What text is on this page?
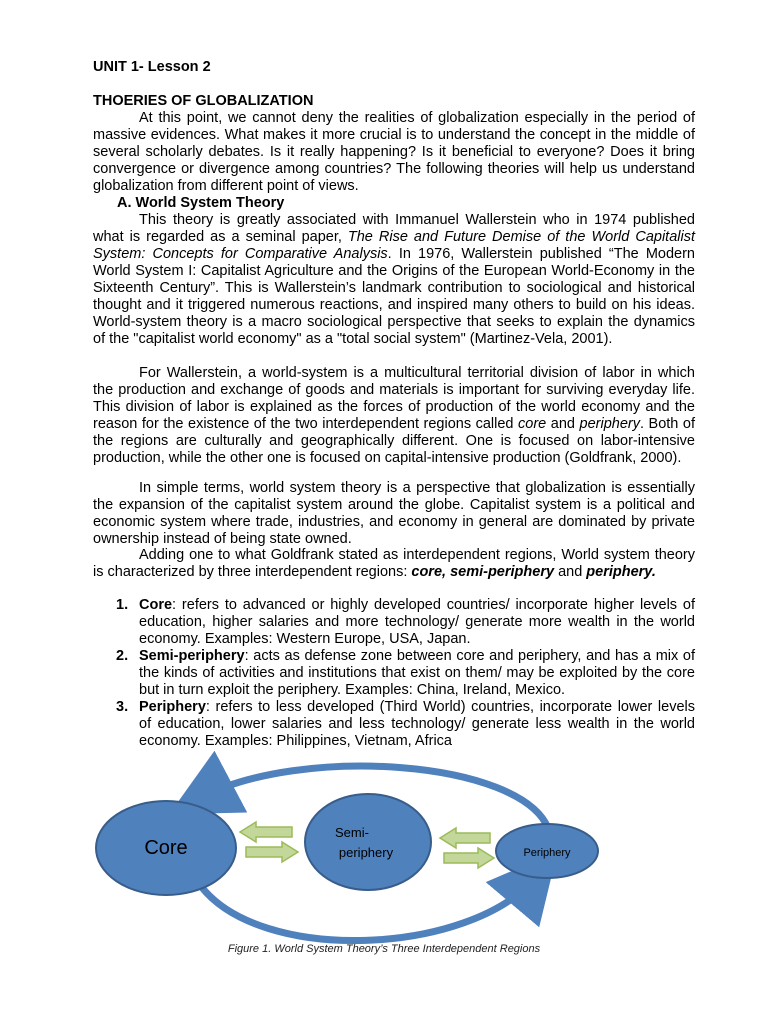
UNIT 1- Lesson 2
THOERIES OF GLOBALIZATION

At this point, we cannot deny the realities of globalization especially in the period of massive evidences. What makes it more crucial is to understand the concept in the middle of several scholarly debates. Is it really happening? Is it beneficial to everyone? Does it bring convergence or divergence among countries? The following theories will help us understand globalization from different point of views.

A. World System Theory

This theory is greatly associated with Immanuel Wallerstein who in 1974 published what is regarded as a seminal paper, The Rise and Future Demise of the World Capitalist System: Concepts for Comparative Analysis. In 1976, Wallerstein published “The Modern World System I: Capitalist Agriculture and the Origins of the European World-Economy in the Sixteenth Century”. This is Wallerstein’s landmark contribution to sociological and historical thought and it triggered numerous reactions, and inspired many others to build on his ideas. World-system theory is a macro sociological perspective that seeks to explain the dynamics of the "capitalist world economy" as a "total social system" (Martinez-Vela, 2001).

For Wallerstein, a world-system is a multicultural territorial division of labor in which the production and exchange of goods and materials is important for surviving everyday life. This division of labor is explained as the forces of production of the world economy and the reason for the existence of the two interdependent regions called core and periphery. Both of the regions are culturally and geographically different. One is focused on labor-intensive production, while the other one is focused on capital-intensive production (Goldfrank, 2000).

In simple terms, world system theory is a perspective that globalization is essentially the expansion of the capitalist system around the globe. Capitalist system is a political and economic system where trade, industries, and economy in general are dominated by private ownership instead of being state owned.

Adding one to what Goldfrank stated as interdependent regions, World system theory is characterized by three interdependent regions: core, semi-periphery and periphery.

1. Core: refers to advanced or highly developed countries/ incorporate higher levels of education, higher salaries and more technology/ generate more wealth in the world economy. Examples: Western Europe, USA, Japan.
2. Semi-periphery: acts as defense zone between core and periphery, and has a mix of the kinds of activities and institutions that exist on them/ may be exploited by the core but in turn exploit the periphery. Examples: China, Ireland, Mexico.
3. Periphery: refers to less developed (Third World) countries, incorporate lower levels of education, lower salaries and less technology/ generate less wealth in the world economy. Examples: Philippines, Vietnam, Africa
Core
Semi-
periphery	Periphery
Figure 1. World System Theory’s Three Interdependent Regions
